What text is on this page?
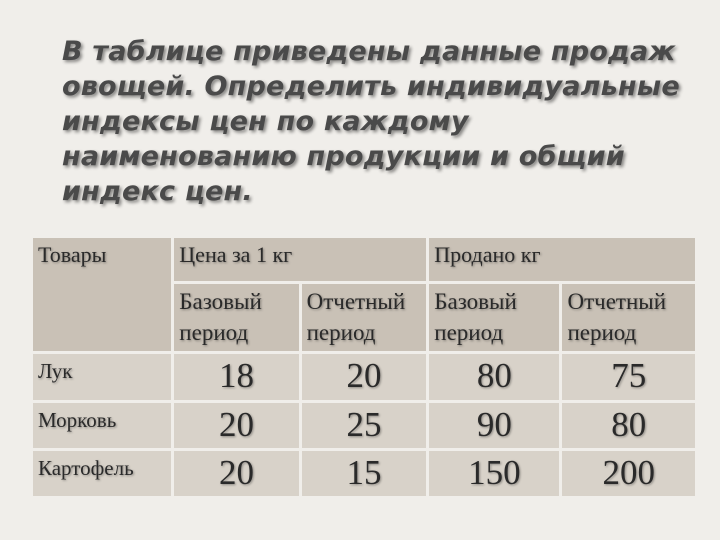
В таблице приведены данные продаж овощей. Определить индивидуальные индексы цен по каждому наименованию продукции и общий индекс цен.
Товары	Цена за 1 кг		Продано кг	
	Базовый период	Отчетный период	Базовый период	Отчетный период
Лук	18	20	80	75
Морковь	20	25	90	80
Картофель	20	15	150	200
